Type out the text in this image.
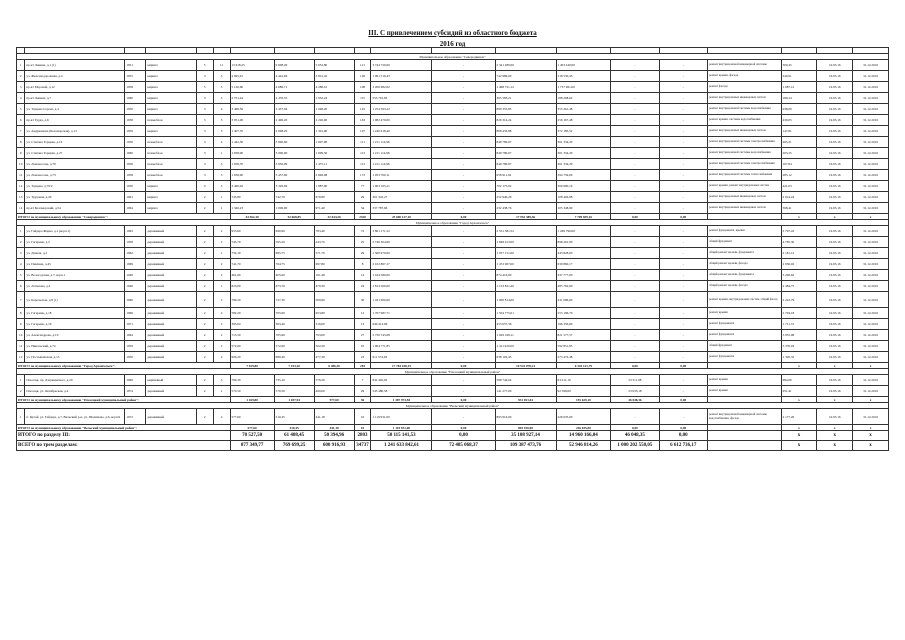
III. С привлечением субсидий из областного бюджета
2016 год

Муниципальное образование "Северодвинск"																			
1	пр-кт Ленина, д.1 (1)	1951	кирпич	5	11	13 618,25	9 608,49	5 652,80	121	3 744 720,00	-	2 341 280,00	1 403 440,00	-	-	ремонт внутридомовой инженерной системы	300,45	19.03.16	31.12.2016
2	ул. Железнодорожная, д.4	1955	кирпич	3	3	4 695,91	4 442,69	3 812,42	126	1 061 516,43	-	742 986,00	318 530,43	-	-	ремонт крыши, фасада	240,91	19.03.16	31.12.2016
3	пр-кт Морской, д.12	1958	кирпич	5	5	5 120,60	4 686,71	4 288,10	108	3 206 682,02	-	1 468 721,12	1 737 961,00	-	-	ремонт фасада	1 087,12	19.03.16	31.12.2016
4	пр-кт Ленина, д.7	1960	кирпич	3	3	2 751,44	2 476,55	1 952,24	115	553 791,83	-	365 583,21	188 208,62	-	-	ремонт внутридомовых инженерных систем	180,24	19.03.16	31.12.2016
5	ул. Торцева Сергея, д.4	1956	кирпич	3	4	3 408,56	3 437,04	1 048,20	145	1 254 563,22	-	899 355,85	355 261,48	-	-	ремонт внутридомовой системы водоснабжения	938,00	19.03.16	31.12.2016
6	пр-кт Труда, д.6	1958	шлакоблок	3	3	3 051,00	2 496,20	2 226,00	163	1 082 470,00	-	826 314,24	256 167,48	-	-	ремонт крыши, системы водоснабжения	430,05	19.03.16	31.12.2016
7	ул. Андрианова (Беломорская), д.13	1959	кирпич	3	3	1 407,70	2 098,20	1 301,00	107	1 240 618,40	-	868 432,88	372 185,52	-	-	ремонт внутридомовых инженерных систем	147,81	19.03.16	31.12.2016
8	ул. Степана Торцева, д.16	1956	шлакоблок	3	4	1 442,30	3 990,60	1 697,90	111	1 211 114,96	-	849 780,67	361 334,29	-	-	ремонт внутридомовой системы электроснабжения	265,21	19.03.16	31.12.2016
9	ул. Степана Торцева, д.27	1960	шлакоблок	3	1	1 658,90	3 000,90	1 699,50	113	1 211 114,96	-	849 780,67	361 334,29	-	-	ремонт внутридомовой системы водоснабжения	203,25	19.03.16	31.12.2016
10	ул. Ломоносова, д.70	1956	шлакоблок	3	3	1 658,70	3 950,99	1 475,11	113	1 211 114,96	-	849 780,67	361 334,29	-	-	ремонт внутридомовой системы электроснабжения	167,84	19.03.16	31.12.2016
11	ул. Ломоносова, д.73	1958	шлакоблок	3	3	1 658,90	3 457,90	2 849,08	172	1 053 700,11	-	658 911,02	394 759,09	-	-	ремонт внутридомовой системы теплоснабжения	285,12	19.03.16	31.12.2016
12	ул. Торцева, д.79/2	1956	кирпич	4	3	3 400,92	3 326,09	1 887,90	77	1 003 165,21	-	702 175,02	300 990,19	-	-	ремонт крыши, ремонт внутридомовых систем	421,03	19.03.16	31.12.2016
13	ул. Трудовая, д.29	1961	кирпич	2	1	743,80	742,70	670,80	29	361 343,27	-	252 940,29	108 402,98	-	-	ремонт внутридомовых инженерных систем	2 614,24	19.03.16	31.12.2016
14	пр-кт Беломорский, д.54	1964	кирпич	2	1	1 346,23	1 006,90	971,40	34	337 787,66	-	232 438,76	105 348,90	-	-	ремонт внутридомовых инженерных систем	398,41	19.03.16	31.12.2016
ИТОГО по муниципальному образованию "Северодвинск":						44 562,30	52 668,85	32 644,26	2328	25 600 127,10	0,00	17 952 389,36	7 709 839,16	0,00	0,00		x	x	x
Муниципальное образование "Город Архангельск"																			
1	ул. Гайдара Жарко, д.1 (корп.1)	1963	деревянный	2	2	953,60	690,90	783,40	72	3 801 171,52	-	2 531 381,52	1 269 790,00	-	-	ремонт фундамента, крыши	2 797,43	19.03.16	31.12.2016
2	ул. Гагарина, д.2	1958	деревянный	2	2	743,70	595,50	443,70	25	2 746 304,90	-	1 848 013,00	898 291,90	-	-	общий фундамент	4 765,30	19.03.16	31.12.2016
3	ул. Дачная, д.2	1962	деревянный	2	1	732,19	695,75	571,70	29	1 500 979,00	-	1 057 151,00	443 828,00	-	-	общий ремонт кровли, фундамента	2 181,12	19.03.16	31.12.2016
4	ул. Павлина, д.45	1969	деревянный	2	2	741,70	764,75	697,80	8	2 102 867,17	-	1 472 007,00	630 860,17	-	-	общий ремонт кровли, фасада	2 936,02	19.03.16	31.12.2016
5	ул. Вологодская, д.7, корп.1	1948	деревянный	2	2	461,69	405,00	191,48	14	1 164 580,00	-	874 416,00	437 777,00	-	-	общий ремонт кровли, фундамента	3 206,62	19.03.16	31.12.2016
6	ул. Логинова, д.2	1946	деревянный	2	1	823,00	673,70	479,30	24	1 814 500,00	-	1 133 821,40	485 762,60	-	-	общий ремонт кровли, фасада	2 484,75	19.03.16	31.12.2016
7	ул. Карельская, д.8 (1)	1960	деревянный	2	2	799,20	727,30	509,90	30	1 431 900,00	-	1 000 814,00	431 086,00	-	-	ремонт крыши, внутридомовых систем, общий фасад	2 222,79	19.03.16	31.12.2016
8	ул. Гагарина, д.18	1966	деревянный	2	2	782,20	705,90	653,80	12	1 767 987,71	-	1 504 775,01	253 196,70	-	-	ремонт крыши	2 704,18	19.03.16	31.12.2016
9	ул. Гагарина, д.19	1971	деревянный	2	2	393,04	363,40	316,00	13	649 413,96	-	453 057,36	196 356,60	-	-	ремонт фундамента	1 711,72	19.03.16	31.12.2016
10	ул. Александрова, д.10	1964	деревянный	2	2	713,50	765,90	793,00	27	2 750 745,68	-	1 929 168,11	821 577,57	-	-	ремонт фундамента	3 855,08	19.03.16	31.12.2016
11	ул. Никольский, д.74	1959	деревянный	2	2	572,60	572,00	502,20	10	1 004 771,85	-	1 411 920,00	592 851,85	-	-	общий фундамент	3 376,03	19.03.16	31.12.2016
12	ул. Постышевская, д.13	1956	деревянный	2	2	906,20	689,40	477,30	23	911 574,93	-	638 102,45	273 472,48	-	-	ремонт фундамента	1 320,32	19.03.16	31.12.2016
ИТОГО по муниципальному образованию "Город Архангельск":						7 929,80	7 193,20	6 486,30	283	17 784 108,15	0,00	10 541 078,21	6 343 121,79	0,00	0,00		x	x	x
Муниципальное образование "Плесецкий муниципальный район"																			
1	Плесецк, пр. Дзержинского, д.20	1969	кирпичный	2	3	799,30	735,10	576,26	7	842 492,92	-	589 744,04	63 011,10	23 511,98	-	ремонт крыши	984,06	19.03.16	31.12.2016
2	Плесецк, ул. Октябрьская, д.4	1974	деревянный	2	1	570,50	570,50	490,00	29	545 480,58	-	141 277,00	92 598,00	23 033,18	-	ремонт крыши	951,41	19.03.16	31.12.2016
ИТОГО по муниципальному образованию "Плесецкий муниципальный район":						1 169,80	1 037,94	977,60	36	1 387 973,50	0,00	931 021,04	155 629,10	46 048,36	0,00		x	x	x
Муниципальное образование "Вельский муниципальный район"																			
1	п. Кулой, ул. Гайдара, д.7, Вельский р-н, ул. Шалимова, д.6, корп.9	1972	деревянный	2	2	577,60	510,45	441,18	16	1 119 931,00	-	893 916,00	226 035,00	-	-	ремонт внутридомовой инженерной системы водоснабжения, фасада	2 177,20	19.03.16	31.12.2016
ИТОГО по муниципальному образованию "Вельский муниципальный район":						577,60	510,45	441,18	16	1 119 931,00	0,00	893 916,00	226 035,00	0,00	0,00		x	x	x
ИТОГО по разделу III:						70 527,50	61 408,45	50 394,96	2803	50 115 141,53	0,00	35 108 927,14	14 960 166,04	46 048,35	0,00		x	x	x
ВСЕГО по трем разделам:						877 349,77	769 699,25	600 916,93	34737	1 241 633 842,61	72 485 068,37	109 387 473,76	52 946 814,26	1 000 202 550,05	6 612 736,17		x	x	x
